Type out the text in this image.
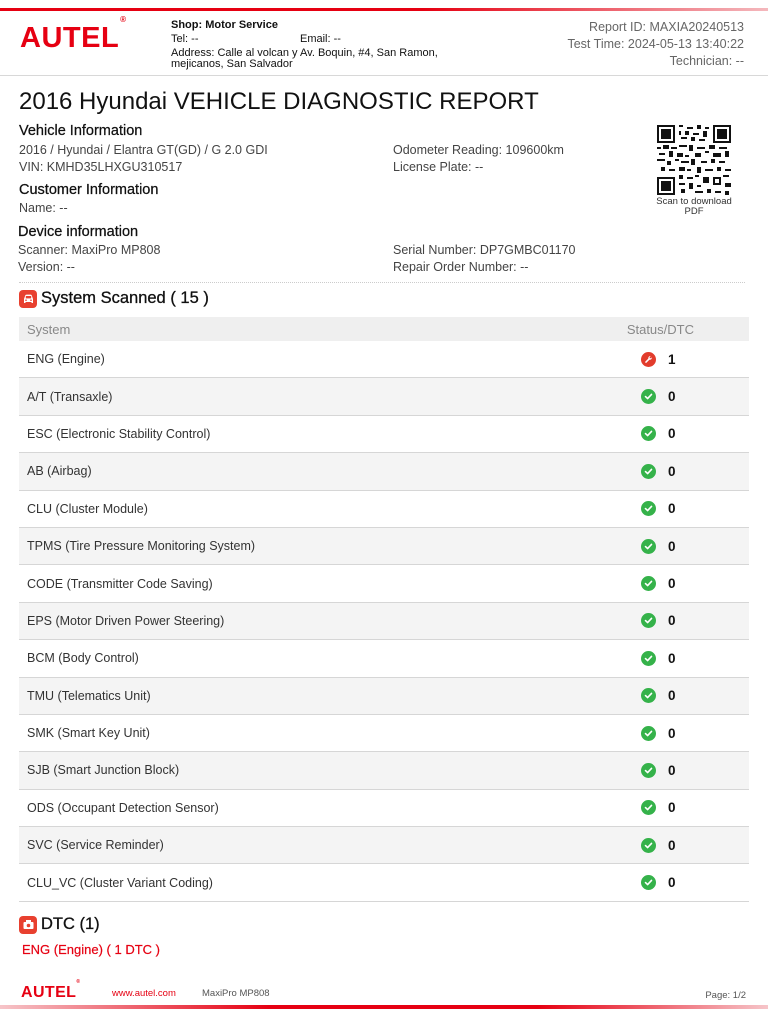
AUTEL®	Shop: Motor Service
Tel: --	Email: --
Address: Calle al volcan y Av. Boquin, #4, San Ramon, mejicanos, San Salvador
Report ID: MAXIA20240513
Test Time: 2024-05-13 13:40:22
Technician: --
2016 Hyundai VEHICLE DIAGNOSTIC REPORT
Vehicle Information
2016 / Hyundai / Elantra GT(GD) / G 2.0 GDI
VIN: KMHD35LHXGU310517
Odometer Reading: 109600km
License Plate: --
Customer Information
Name: --
Device information
Scanner: MaxiPro MP808
Version: --
Serial Number: DP7GMBC01170
Repair Order Number: --
Scan to download PDF
System Scanned ( 15 )
System	Status/DTC
ENG (Engine)	1
A/T (Transaxle)	0
ESC (Electronic Stability Control)	0
AB (Airbag)	0
CLU (Cluster Module)	0
TPMS (Tire Pressure Monitoring System)	0
CODE (Transmitter Code Saving)	0
EPS (Motor Driven Power Steering)	0
BCM (Body Control)	0
TMU (Telematics Unit)	0
SMK (Smart Key Unit)	0
SJB (Smart Junction Block)	0
ODS (Occupant Detection Sensor)	0
SVC (Service Reminder)	0
CLU_VC (Cluster Variant Coding)	0
DTC (1)
ENG (Engine) ( 1 DTC )
AUTEL®
www.autel.com	MaxiPro MP808	Page: 1/2
